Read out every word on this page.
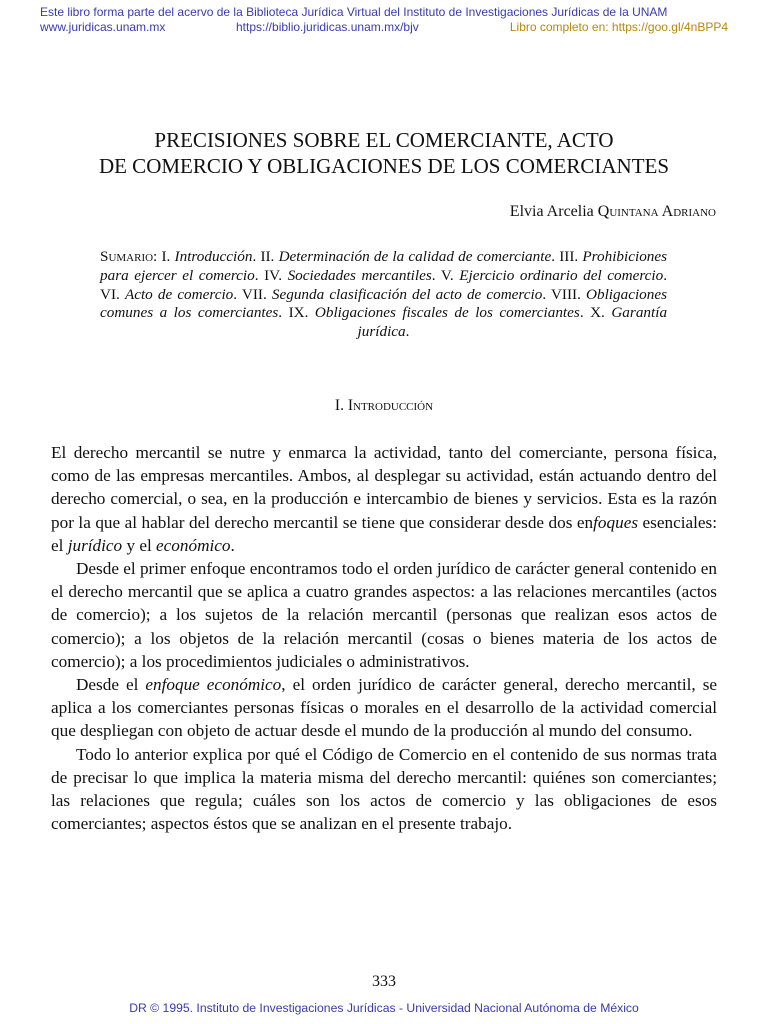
Este libro forma parte del acervo de la Biblioteca Jurídica Virtual del Instituto de Investigaciones Jurídicas de la UNAM
www.juridicas.unam.mx	https://biblio.juridicas.unam.mx/bjv	Libro completo en: https://goo.gl/4nBPP4
PRECISIONES SOBRE EL COMERCIANTE, ACTO
DE COMERCIO Y OBLIGACIONES DE LOS COMERCIANTES
Elvia Arcelia Quintana Adriano
Sumario: I. Introducción. II. Determinación de la calidad de comerciante. III. Prohibiciones para ejercer el comercio. IV. Sociedades mercantiles. V. Ejercicio ordinario del comercio. VI. Acto de comercio. VII. Segunda clasificación del acto de comercio. VIII. Obligaciones comunes a los comerciantes. IX. Obligaciones fiscales de los comerciantes. X. Garantía jurídica.
I. Introducción

El derecho mercantil se nutre y enmarca la actividad, tanto del comerciante, persona física, como de las empresas mercantiles. Ambos, al desplegar su actividad, están actuando dentro del derecho comercial, o sea, en la producción e intercambio de bienes y servicios. Esta es la razón por la que al hablar del derecho mercantil se tiene que considerar desde dos enfoques esenciales: el jurídico y el económico.

Desde el primer enfoque encontramos todo el orden jurídico de carácter general contenido en el derecho mercantil que se aplica a cuatro grandes aspectos: a las relaciones mercantiles (actos de comercio); a los sujetos de la relación mercantil (personas que realizan esos actos de comercio); a los objetos de la relación mercantil (cosas o bienes materia de los actos de comercio); a los procedimientos judiciales o administrativos.

Desde el enfoque económico, el orden jurídico de carácter general, derecho mercantil, se aplica a los comerciantes personas físicas o morales en el desarrollo de la actividad comercial que despliegan con objeto de actuar desde el mundo de la producción al mundo del consumo.

Todo lo anterior explica por qué el Código de Comercio en el contenido de sus normas trata de precisar lo que implica la materia misma del derecho mercantil: quiénes son comerciantes; las relaciones que regula; cuáles son los actos de comercio y las obligaciones de esos comerciantes; aspectos éstos que se analizan en el presente trabajo.

333
DR © 1995. Instituto de Investigaciones Jurídicas - Universidad Nacional Autónoma de México
